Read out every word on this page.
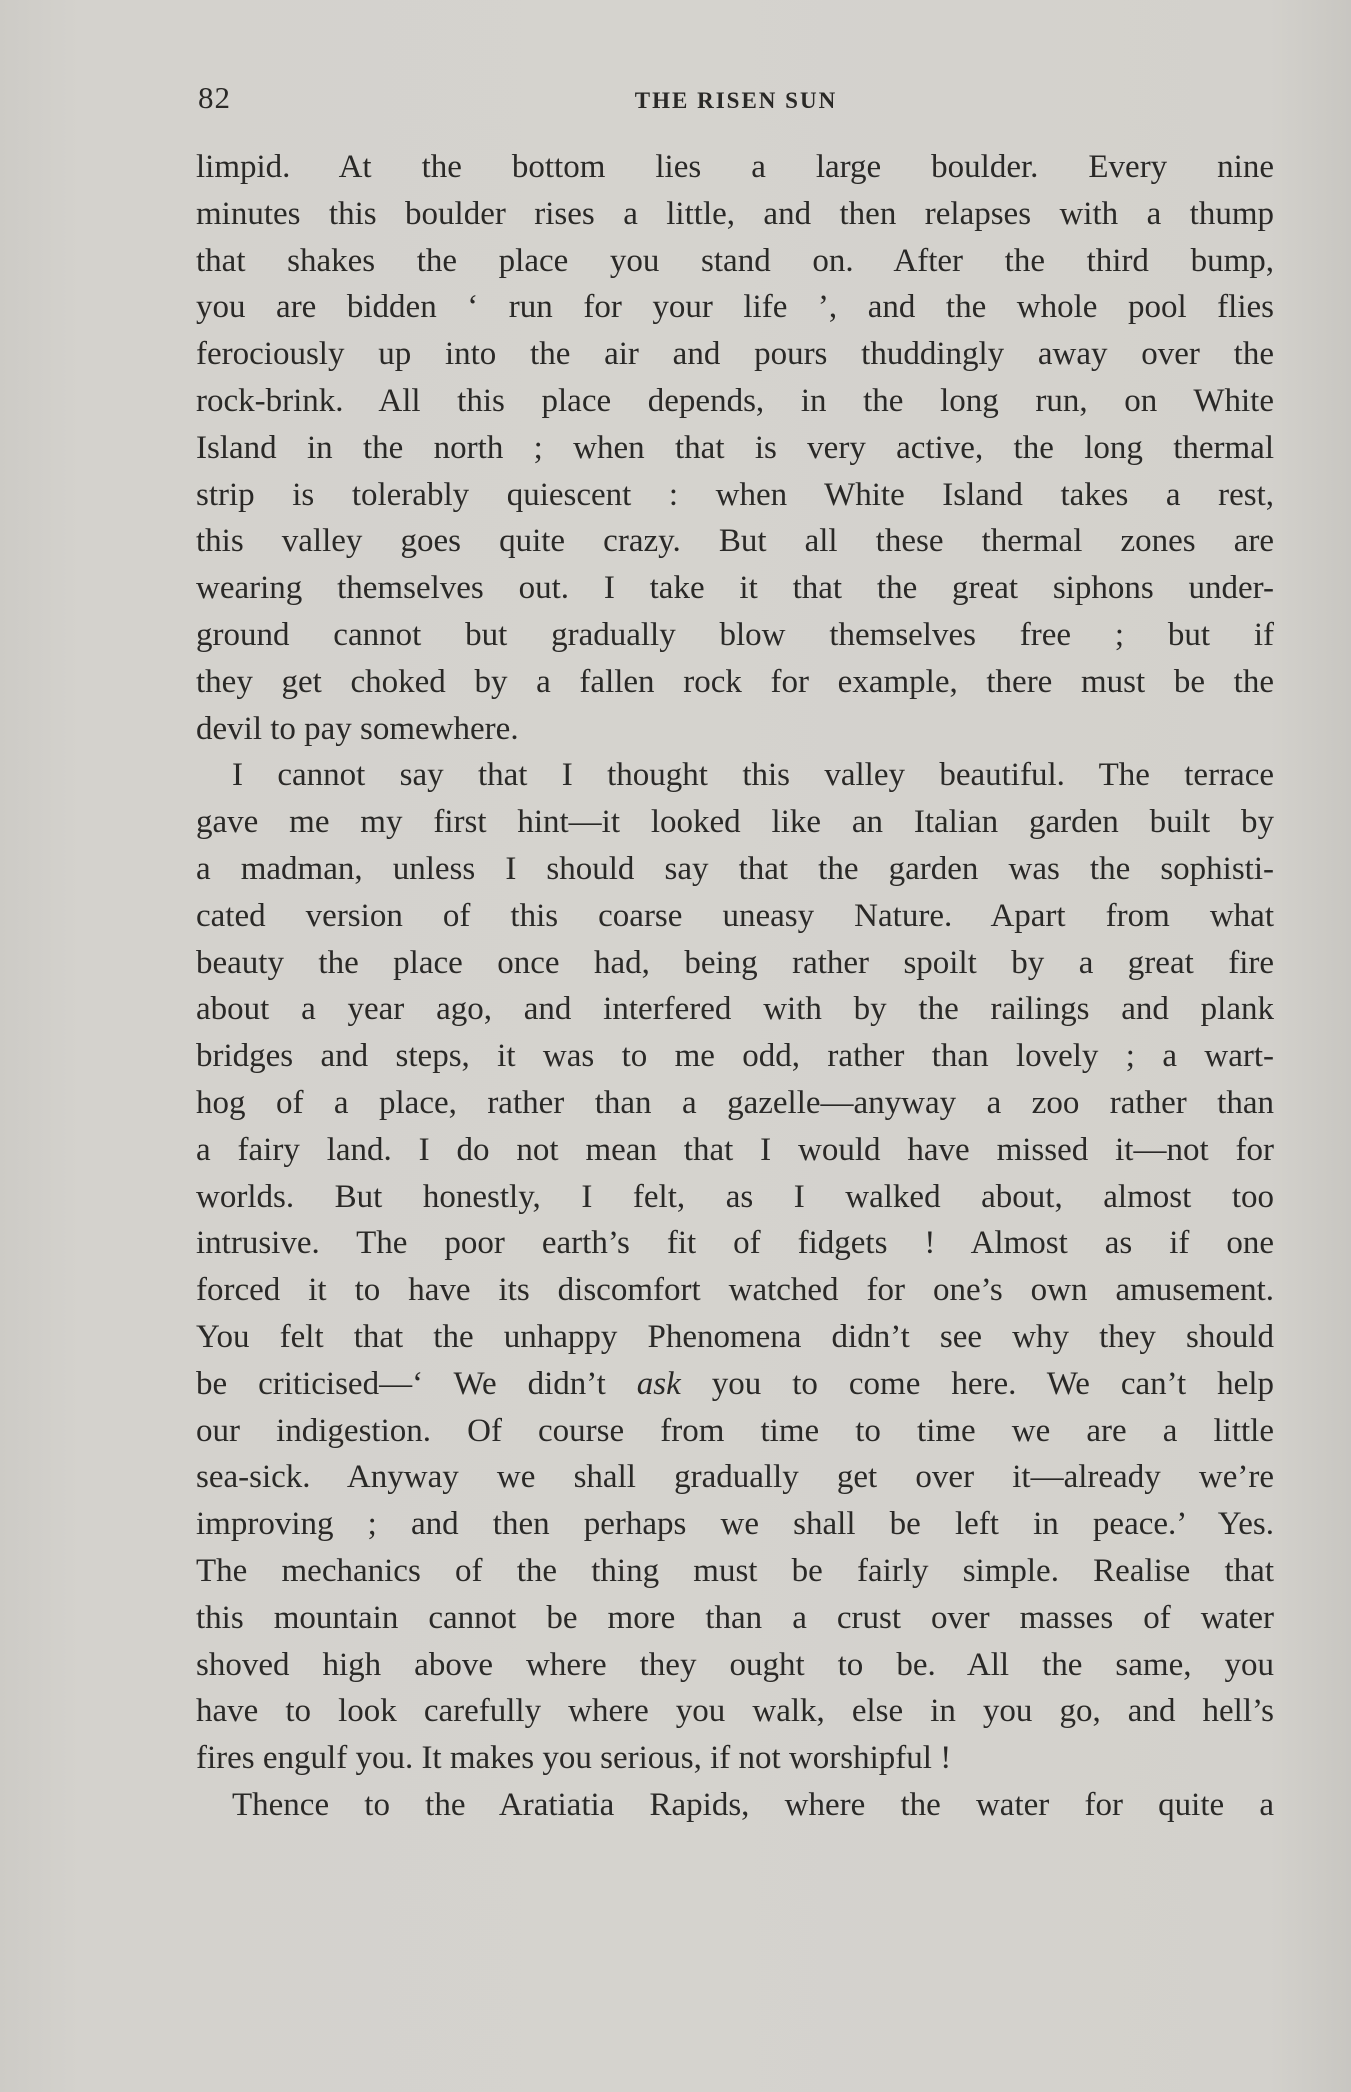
82	THE RISEN SUN
limpid. At the bottom lies a large boulder. Every nine
minutes this boulder rises a little, and then relapses with a thump
that shakes the place you stand on. After the third bump,
you are bidden ‘ run for your life ’, and the whole pool flies
ferociously up into the air and pours thuddingly away over the
rock-brink. All this place depends, in the long run, on White
Island in the north ; when that is very active, the long thermal
strip is tolerably quiescent : when White Island takes a rest,
this valley goes quite crazy. But all these thermal zones are
wearing themselves out. I take it that the great siphons under-
ground cannot but gradually blow themselves free ; but if
they get choked by a fallen rock for example, there must be the
devil to pay somewhere.
I cannot say that I thought this valley beautiful. The terrace
gave me my first hint—it looked like an Italian garden built by
a madman, unless I should say that the garden was the sophisti-
cated version of this coarse uneasy Nature. Apart from what
beauty the place once had, being rather spoilt by a great fire
about a year ago, and interfered with by the railings and plank
bridges and steps, it was to me odd, rather than lovely ; a wart-
hog of a place, rather than a gazelle—anyway a zoo rather than
a fairy land. I do not mean that I would have missed it—not for
worlds. But honestly, I felt, as I walked about, almost too
intrusive. The poor earth’s fit of fidgets ! Almost as if one
forced it to have its discomfort watched for one’s own amusement.
You felt that the unhappy Phenomena didn’t see why they should
be criticised—‘ We didn’t ask you to come here. We can’t help
our indigestion. Of course from time to time we are a little
sea-sick. Anyway we shall gradually get over it—already we’re
improving ; and then perhaps we shall be left in peace.’ Yes.
The mechanics of the thing must be fairly simple. Realise that
this mountain cannot be more than a crust over masses of water
shoved high above where they ought to be. All the same, you
have to look carefully where you walk, else in you go, and hell’s
fires engulf you. It makes you serious, if not worshipful !
Thence to the Aratiatia Rapids, where the water for quite a
